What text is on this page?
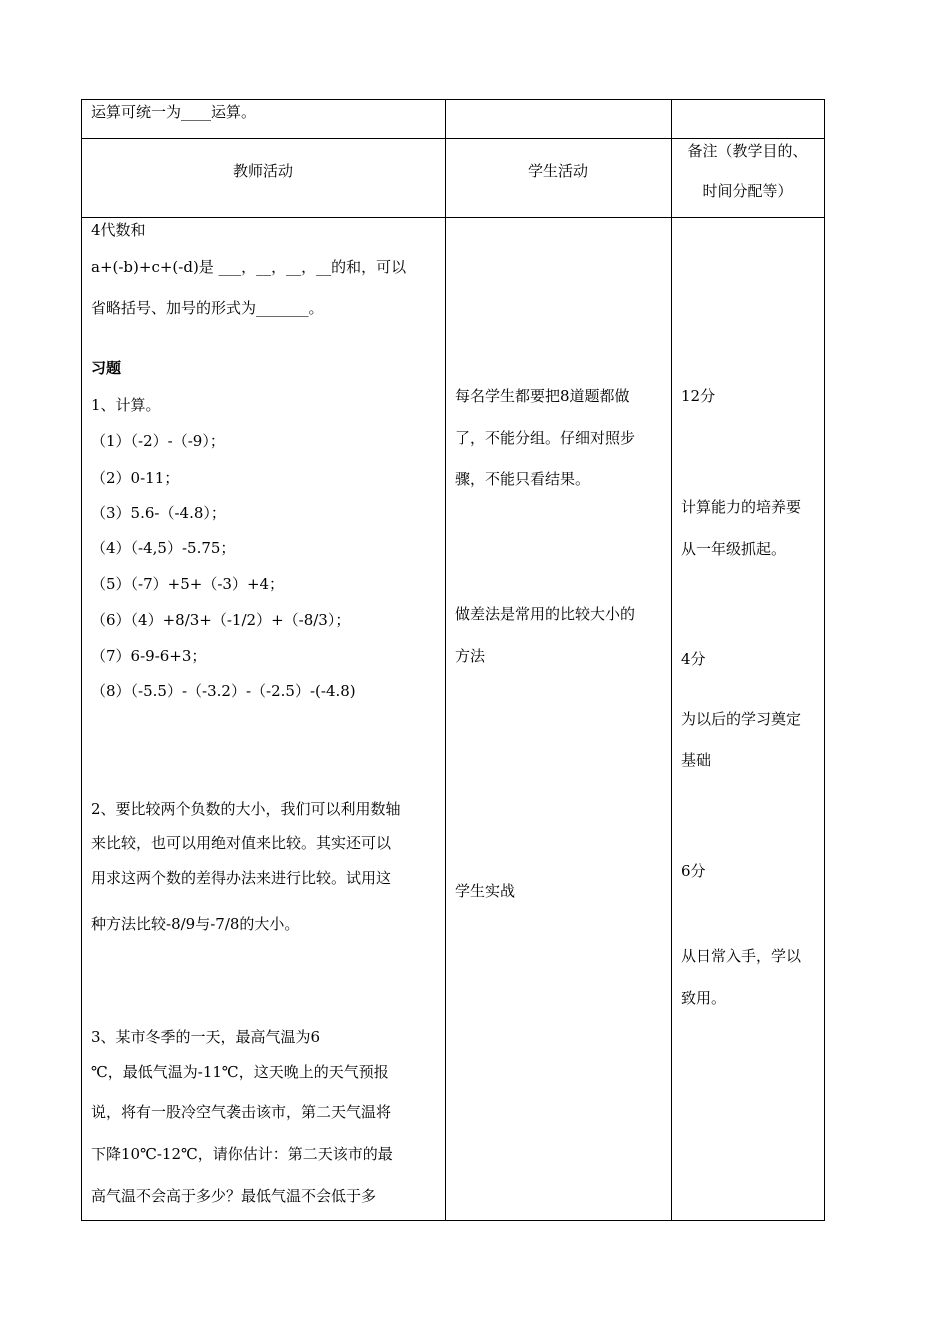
运算可统一为____运算。
教师活动	学生活动
备注（教学目的、
时间分配等）
4代数和
a+(-b)+c+(-d)是 ___，__，__，__的和，可以
省略括号、加号的形式为_______。
习题
1、计算。
（1）（-2）-（-9）；
（2）0-11；
（3）5.6-（-4.8）；
（4）（-4,5）-5.75；
（5）（-7）+5+（-3）+4；
（6）（4）+8/3+（-1/2）+（-8/3）；
（7）6-9-6+3；
（8）（-5.5）-（-3.2）-（-2.5）-(-4.8)
2、要比较两个负数的大小，我们可以利用数轴
来比较，也可以用绝对值来比较。其实还可以
用求这两个数的差得办法来进行比较。试用这
种方法比较-8/9与-7/8的大小。
3、某市冬季的一天，最高气温为6
℃，最低气温为-11℃，这天晚上的天气预报
说，将有一股冷空气袭击该市，第二天气温将
下降10℃-12℃，请你估计：第二天该市的最
高气温不会高于多少？最低气温不会低于多
每名学生都要把8道题都做
了，不能分组。仔细对照步
骤，不能只看结果。
做差法是常用的比较大小的
方法
学生实战
12分
计算能力的培养要
从一年级抓起。
4分
为以后的学习奠定
基础
6分
从日常入手，学以
致用。
